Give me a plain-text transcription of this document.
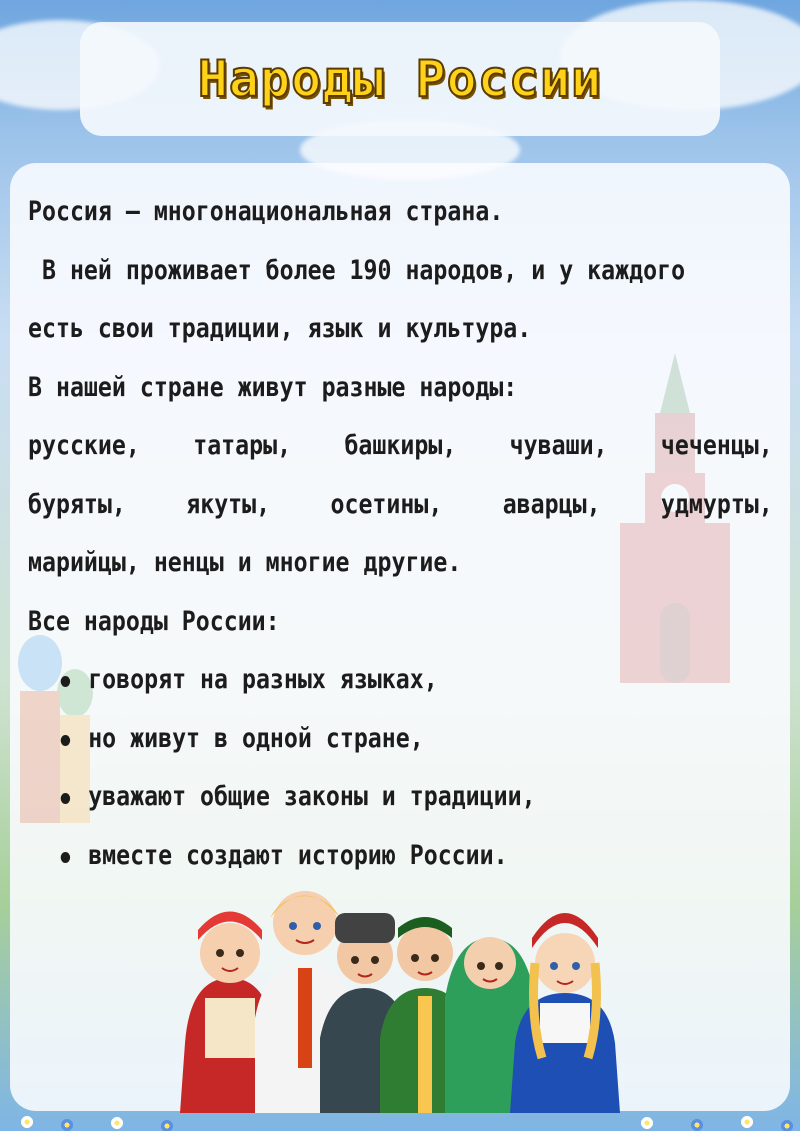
Народы России
Россия – многонациональная страна.
В ней проживает более 190 народов, и у каждого
есть свои традиции, язык и культура.
В нашей стране живут разные народы:
русские, татары, башкиры, чуваши, чеченцы,
буряты, якуты, осетины, аварцы, удмурты,
марийцы, ненцы и многие другие.
Все народы России:
говорят на разных языках,
но живут в одной стране,
уважают общие законы и традиции,
вместе создают историю России.
